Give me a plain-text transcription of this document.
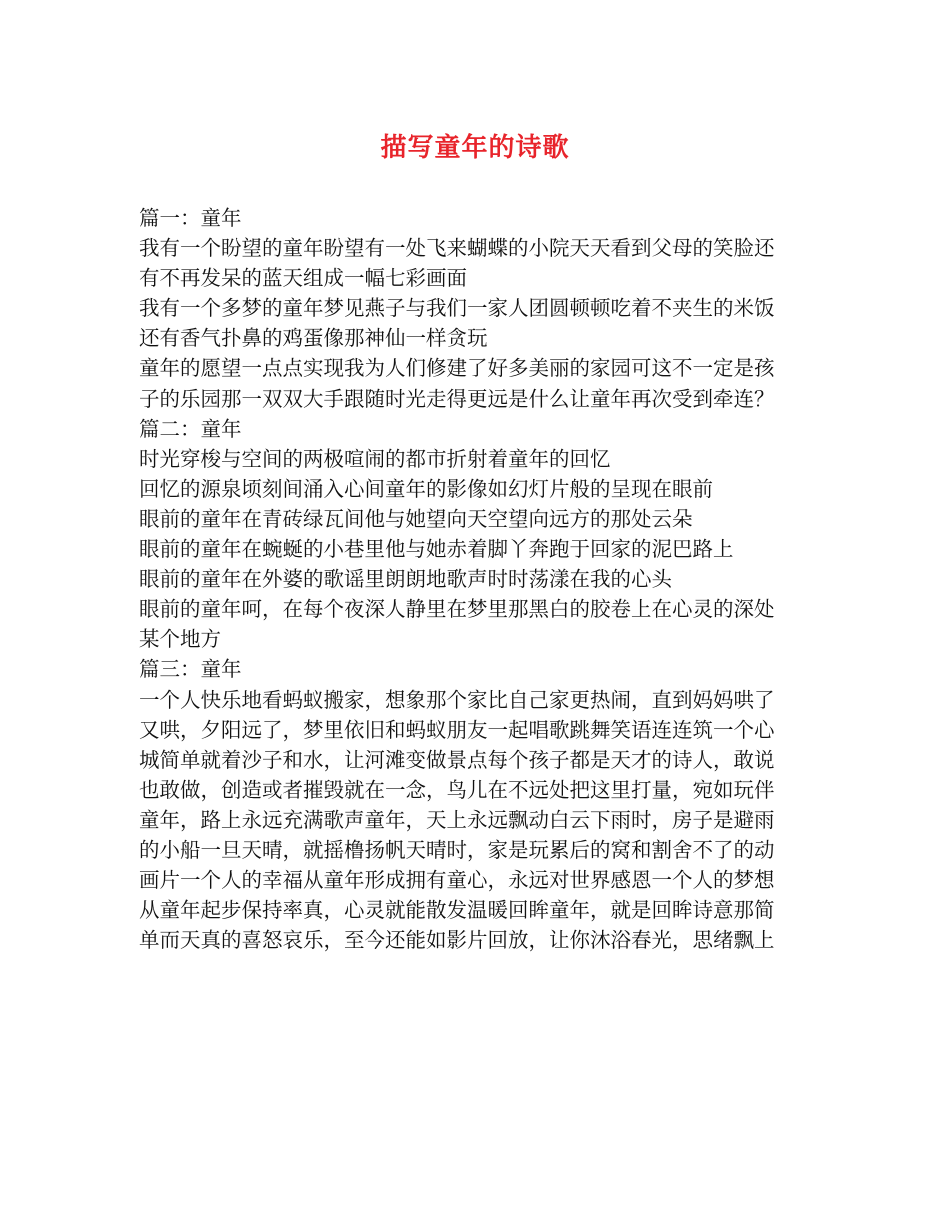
描写童年的诗歌
篇一：童年
我有一个盼望的童年盼望有一处飞来蝴蝶的小院天天看到父母的笑脸还
有不再发呆的蓝天组成一幅七彩画面
我有一个多梦的童年梦见燕子与我们一家人团圆顿顿吃着不夹生的米饭
还有香气扑鼻的鸡蛋像那神仙一样贪玩
童年的愿望一点点实现我为人们修建了好多美丽的家园可这不一定是孩
子的乐园那一双双大手跟随时光走得更远是什么让童年再次受到牵连？
篇二：童年
时光穿梭与空间的两极喧闹的都市折射着童年的回忆
回忆的源泉顷刻间涌入心间童年的影像如幻灯片般的呈现在眼前
眼前的童年在青砖绿瓦间他与她望向天空望向远方的那处云朵
眼前的童年在蜿蜒的小巷里他与她赤着脚丫奔跑于回家的泥巴路上
眼前的童年在外婆的歌谣里朗朗地歌声时时荡漾在我的心头
眼前的童年呵，在每个夜深人静里在梦里那黑白的胶卷上在心灵的深处
某个地方
篇三：童年
一个人快乐地看蚂蚁搬家，想象那个家比自己家更热闹，直到妈妈哄了
又哄，夕阳远了，梦里依旧和蚂蚁朋友一起唱歌跳舞笑语连连筑一个心
城简单就着沙子和水，让河滩变做景点每个孩子都是天才的诗人，敢说
也敢做，创造或者摧毁就在一念，鸟儿在不远处把这里打量，宛如玩伴
童年，路上永远充满歌声童年，天上永远飘动白云下雨时，房子是避雨
的小船一旦天晴，就摇橹扬帆天晴时，家是玩累后的窝和割舍不了的动
画片一个人的幸福从童年形成拥有童心，永远对世界感恩一个人的梦想
从童年起步保持率真，心灵就能散发温暖回眸童年，就是回眸诗意那简
单而天真的喜怒哀乐，至今还能如影片回放，让你沐浴春光，思绪飘上
